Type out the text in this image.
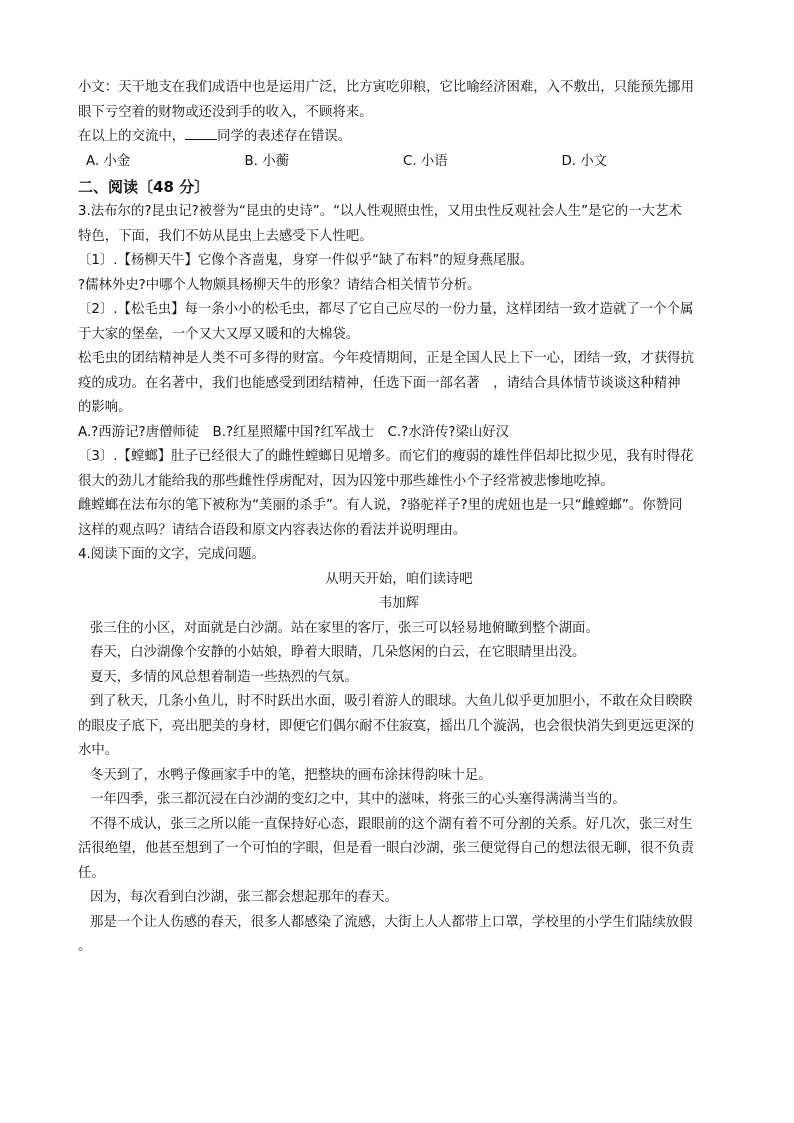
小文：天干地支在我们成语中也是运用广泛，比方寅吃卯粮，它比喻经济困难，入不敷出，只能预先挪用

眼下亏空着的财物或还没到手的收入，不顾将来。

在以上的交流中， 同学的表述存在错误。

A. 小金	B. 小蘅	C. 小语	D. 小文

二、阅读〔48 分〕

3.法布尔的?昆虫记?被誉为“昆虫的史诗”。“以人性观照虫性，又用虫性反观社会人生”是它的一大艺术

特色，下面，我们不妨从昆虫上去感受下人性吧。

〔1〕.【杨柳天牛】它像个吝啬鬼，身穿一件似乎“缺了布料”的短身燕尾服。

?儒林外史?中哪个人物颇具杨柳天牛的形象？请结合相关情节分析。

〔2〕.【松毛虫】每一条小小的松毛虫，都尽了它自己应尽的一份力量，这样团结一致才造就了一个个属

于大家的堡垒，一个又大又厚又暖和的大棉袋。

松毛虫的团结精神是人类不可多得的财富。今年疫情期间，正是全国人民上下一心，团结一致，才获得抗

疫的成功。在名著中，我们也能感受到团结精神，任选下面一部名著　，请结合具体情节谈谈这种精神

的影响。

A.?西游记?唐僧师徒　B.?红星照耀中国?红军战士　C.?水浒传?梁山好汉

〔3〕.【螳螂】肚子已经很大了的雌性螳螂日见增多。而它们的瘦弱的雄性伴侣却比拟少见，我有时得花

很大的劲儿才能给我的那些雌性俘虏配对，因为囚笼中那些雄性小个子经常被悲惨地吃掉。

雌螳螂在法布尔的笔下被称为“美丽的杀手”。有人说，?骆驼祥子?里的虎妞也是一只“雌螳螂”。你赞同

这样的观点吗？请结合语段和原文内容表达你的看法并说明理由。

4.阅读下面的文字，完成问题。

从明天开始，咱们读诗吧

韦加辉

张三住的小区，对面就是白沙湖。站在家里的客厅，张三可以轻易地俯瞰到整个湖面。

春天，白沙湖像个安静的小姑娘，睁着大眼睛，几朵悠闲的白云，在它眼睛里出没。

夏天，多情的风总想着制造一些热烈的气氛。

到了秋天，几条小鱼儿，时不时跃出水面，吸引着游人的眼球。大鱼儿似乎更加胆小，不敢在众目睽睽

的眼皮子底下，亮出肥美的身材，即便它们偶尔耐不住寂寞，摇出几个漩涡，也会很快消失到更远更深的

水中。

冬天到了，水鸭子像画家手中的笔，把整块的画布涂抹得韵味十足。

一年四季，张三都沉浸在白沙湖的变幻之中，其中的滋味，将张三的心头塞得满满当当的。

不得不成认，张三之所以能一直保持好心态，跟眼前的这个湖有着不可分割的关系。好几次，张三对生

活很绝望，他甚至想到了一个可怕的字眼，但是看一眼白沙湖，张三便觉得自己的想法很无聊，很不负责

任。

因为，每次看到白沙湖，张三都会想起那年的春天。

那是一个让人伤感的春天，很多人都感染了流感，大街上人人都带上口罩，学校里的小学生们陆续放假

。
